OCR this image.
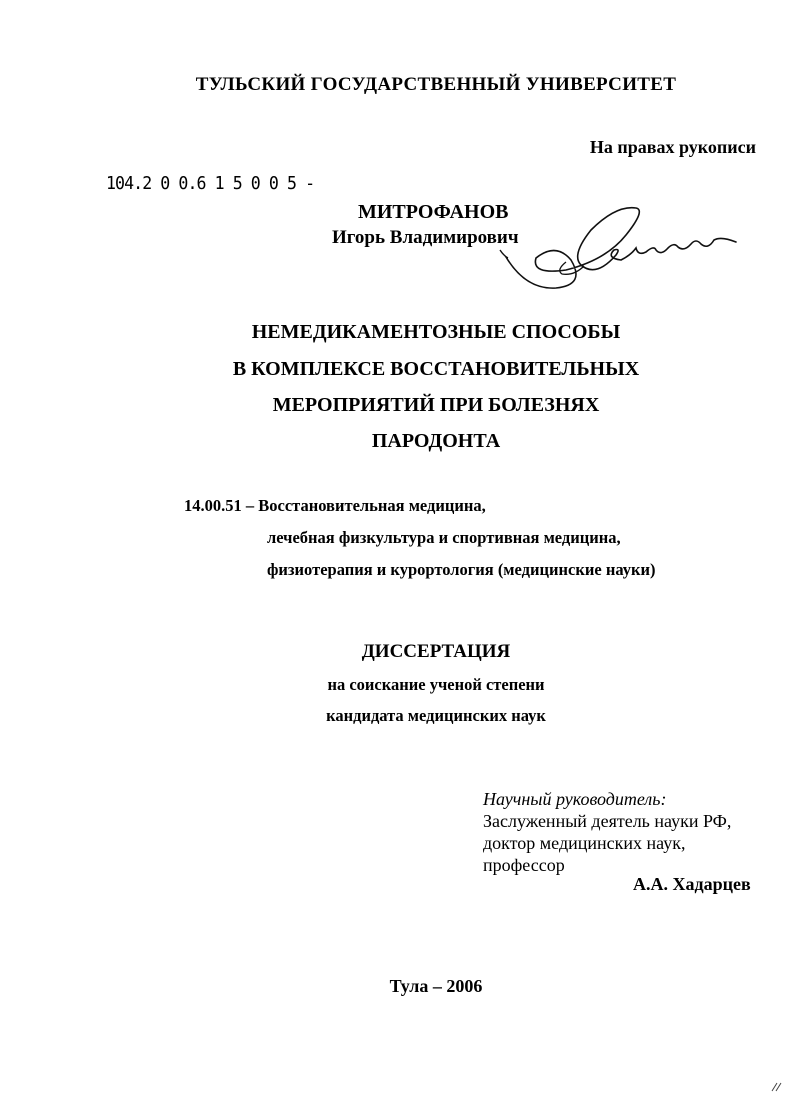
ТУЛЬСКИЙ ГОСУДАРСТВЕННЫЙ УНИВЕРСИТЕТ
На правах рукописи
104.2 0 0.6 1 5 0 0 5 -
МИТРОФАНОВ
Игорь Владимирович
НЕМЕДИКАМЕНТОЗНЫЕ СПОСОБЫ
В КОМПЛЕКСЕ ВОССТАНОВИТЕЛЬНЫХ
МЕРОПРИЯТИЙ ПРИ БОЛЕЗНЯХ
ПАРОДОНТА
14.00.51 – Восстановительная медицина,
лечебная физкультура и спортивная медицина,
физиотерапия и курортология (медицинские науки)
ДИССЕРТАЦИЯ
на соискание ученой степени
кандидата медицинских наук
Научный руководитель:
Заслуженный деятель науки РФ,
доктор медицинских наук,
профессор
А.А. Хадарцев
Тула – 2006
